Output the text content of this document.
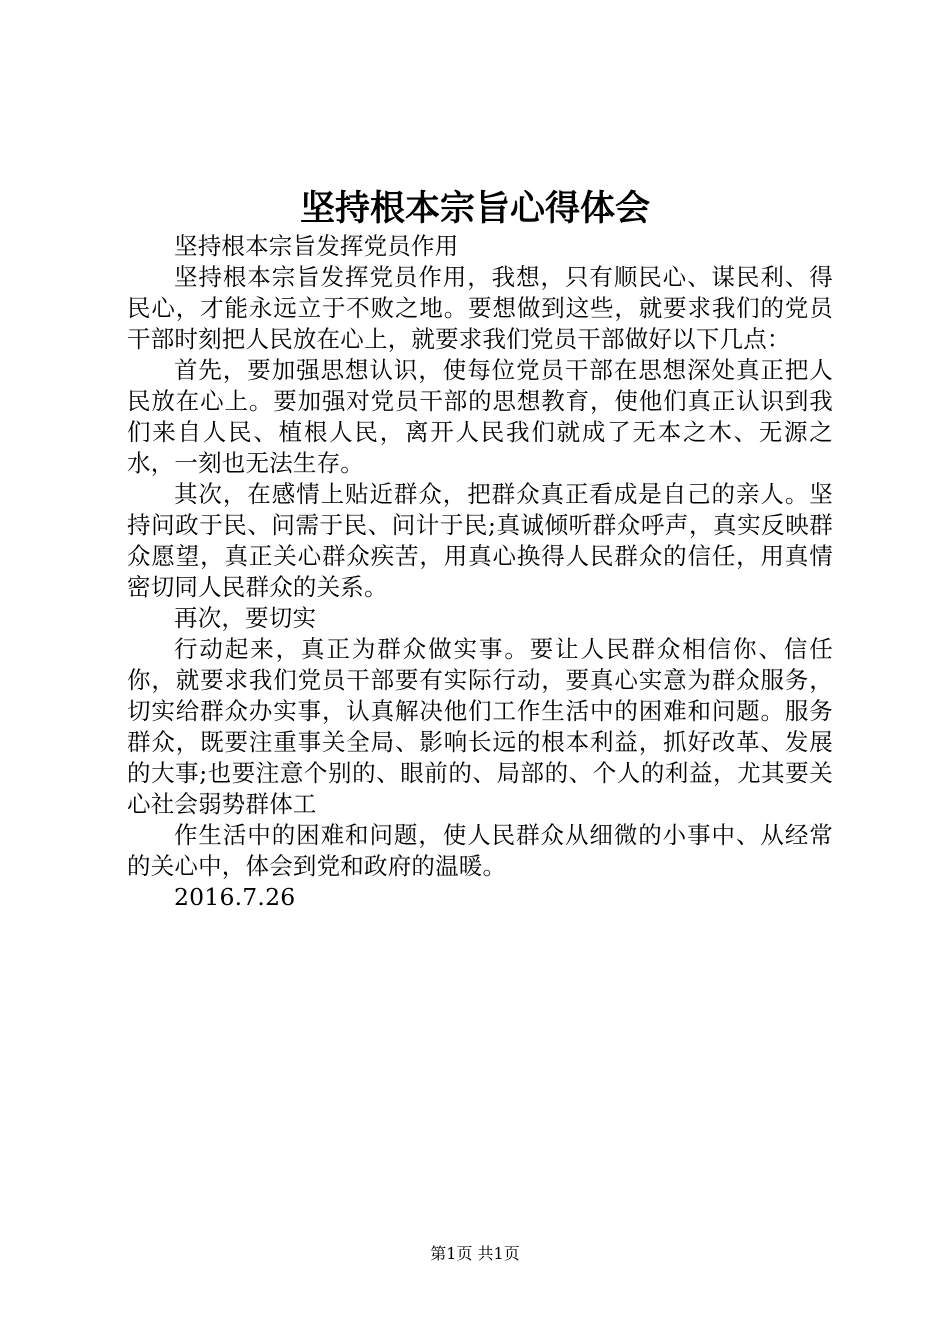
坚持根本宗旨心得体会

坚持根本宗旨发挥党员作用

坚持根本宗旨发挥党员作用，我想，只有顺民心、谋民利、得民心，才能永远立于不败之地。要想做到这些，就要求我们的党员干部时刻把人民放在心上，就要求我们党员干部做好以下几点：

首先，要加强思想认识，使每位党员干部在思想深处真正把人民放在心上。要加强对党员干部的思想教育，使他们真正认识到我们来自人民、植根人民，离开人民我们就成了无本之木、无源之水，一刻也无法生存。

其次，在感情上贴近群众，把群众真正看成是自己的亲人。坚持问政于民、问需于民、问计于民;真诚倾听群众呼声，真实反映群众愿望，真正关心群众疾苦，用真心换得人民群众的信任，用真情密切同人民群众的关系。

再次，要切实

行动起来，真正为群众做实事。要让人民群众相信你、信任你，就要求我们党员干部要有实际行动，要真心实意为群众服务，切实给群众办实事，认真解决他们工作生活中的困难和问题。服务群众，既要注重事关全局、影响长远的根本利益，抓好改革、发展的大事;也要注意个别的、眼前的、局部的、个人的利益，尤其要关心社会弱势群体工

作生活中的困难和问题，使人民群众从细微的小事中、从经常的关心中，体会到党和政府的温暖。

2016.7.26

第1页 共1页
